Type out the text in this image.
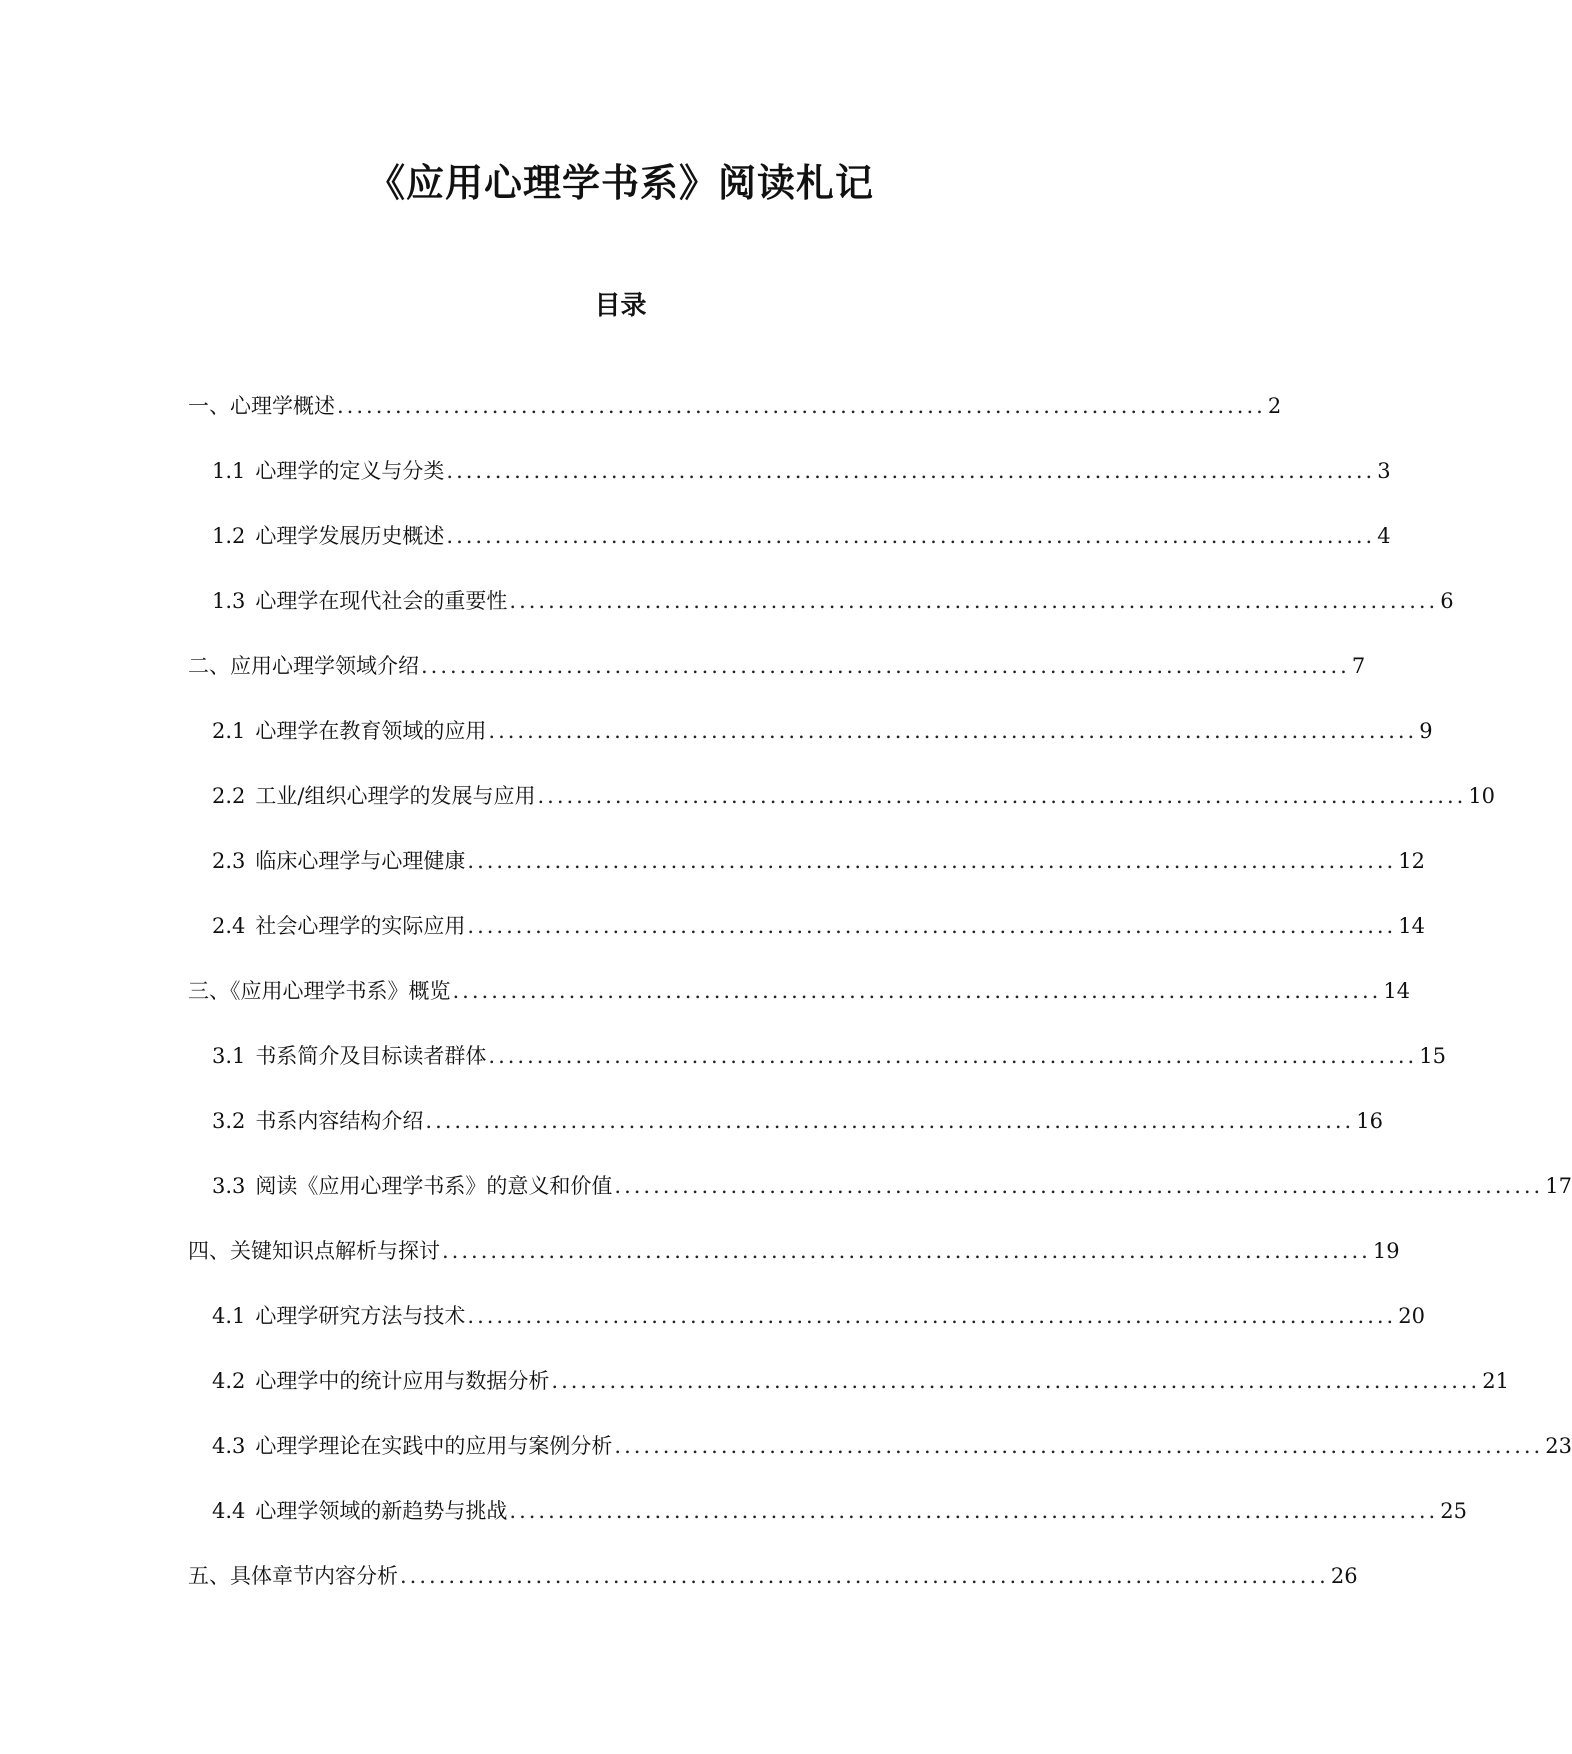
《应用心理学书系》阅读札记
目录
一、心理学概述 ................................................................................................ 2
1.1 心理学的定义与分类 ................................................................................................ 3
1.2 心理学发展历史概述 ................................................................................................ 4
1.3 心理学在现代社会的重要性 ................................................................................................ 6
二、应用心理学领域介绍 ................................................................................................ 7
2.1 心理学在教育领域的应用 ................................................................................................ 9
2.2 工业/组织心理学的发展与应用 ................................................................................................ 10
2.3 临床心理学与心理健康 ................................................................................................ 12
2.4 社会心理学的实际应用 ................................................................................................ 14
三、《应用心理学书系》概览 ................................................................................................ 14
3.1 书系简介及目标读者群体 ................................................................................................ 15
3.2 书系内容结构介绍 ................................................................................................ 16
3.3 阅读《应用心理学书系》的意义和价值 ................................................................................................ 17
四、关键知识点解析与探讨 ................................................................................................ 19
4.1 心理学研究方法与技术 ................................................................................................ 20
4.2 心理学中的统计应用与数据分析 ................................................................................................ 21
4.3 心理学理论在实践中的应用与案例分析 ................................................................................................ 23
4.4 心理学领域的新趋势与挑战 ................................................................................................ 25
五、具体章节内容分析 ................................................................................................ 26
